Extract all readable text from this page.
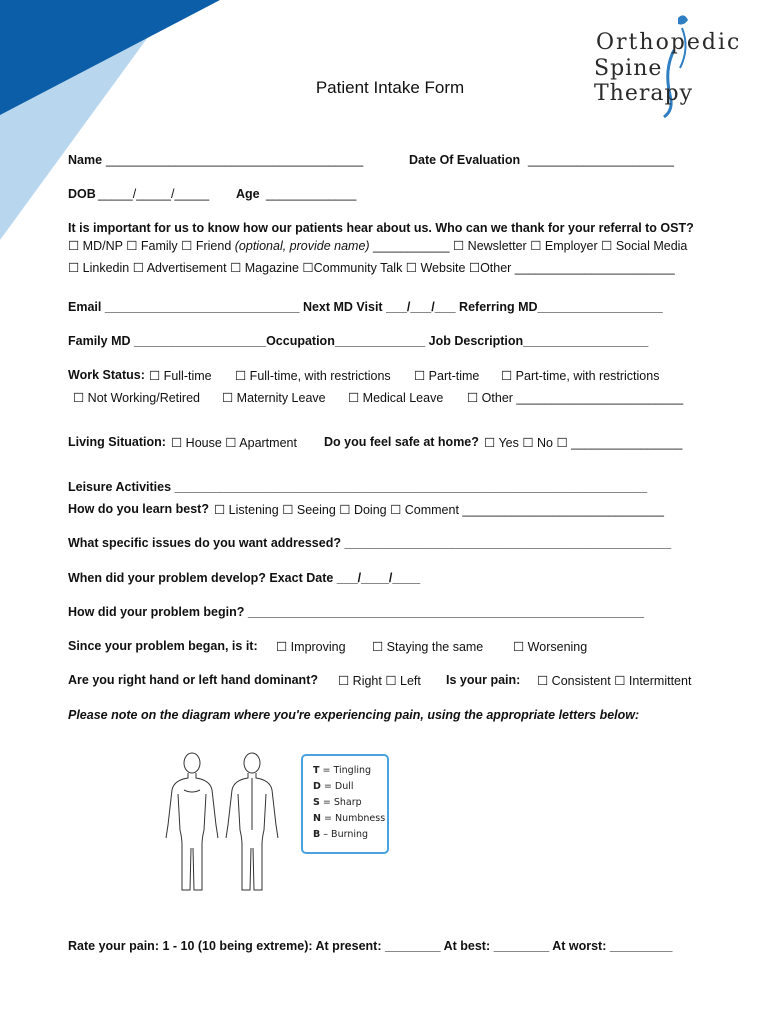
Orthopedic
Spine Therapy
Patient Intake Form
Name _____________________________________	Date Of Evaluation _____________________
DOB _____/_____/_____ Age _____________
It is important for us to know how our patients hear about us. Who can we thank for your referral to OST?
☐ MD/NP ☐ Family ☐ Friend (optional, provide name) ___________ ☐ Newsletter ☐ Employer ☐ Social Media
☐ Linkedin ☐ Advertisement ☐ Magazine ☐Community Talk ☐ Website ☐Other _______________________
Email ____________________________ Next MD Visit ___/___/___ Referring MD__________________
Family MD ___________________Occupation_____________ Job Description__________________
Work Status: ☐ Full-time ☐ Full-time, with restrictions ☐ Part-time ☐ Part-time, with restrictions
☐ Not Working/Retired ☐ Maternity Leave ☐ Medical Leave ☐ Other ________________________
Living Situation: ☐ House ☐ Apartment Do you feel safe at home? ☐ Yes ☐ No ☐ ________________
Leisure Activities ____________________________________________________________________
How do you learn best? ☐ Listening ☐ Seeing ☐ Doing ☐ Comment _____________________________
What specific issues do you want addressed? _______________________________________________
When did your problem develop? Exact Date ___/____/____
How did your problem begin? _________________________________________________________
Since your problem began, is it: ☐ Improving ☐ Staying the same ☐ Worsening
Are you right hand or left hand dominant? ☐ Right ☐ Left Is your pain: ☐ Consistent ☐ Intermittent
Please note on the diagram where you're experiencing pain, using the appropriate letters below:
T = Tingling
D = Dull
S = Sharp
N = Numbness
B – Burning
Rate your pain: 1 - 10 (10 being extreme): At present: ________ At best: ________ At worst: _________
